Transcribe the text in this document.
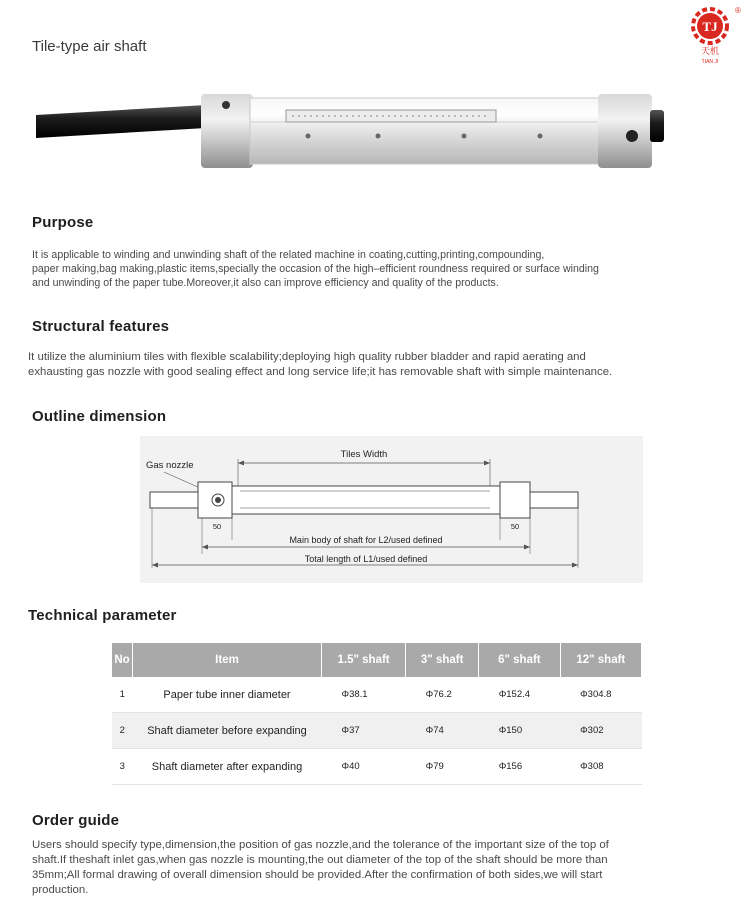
Tile-type air shaft
TJ
®
天机
TIAN JI
Purpose
It is applicable to winding and unwinding shaft of the related machine in coating,cutting,printing,compounding,
paper making,bag making,plastic items,specially the occasion of the high–efficient roundness required or surface winding
and unwinding of the paper tube.Moreover,it also can improve efficiency and quality of the products.
Structural features
It utilize the aluminium tiles with flexible scalability;deploying high quality rubber bladder and rapid aerating and
exhausting gas nozzle with good sealing effect and long service life;it has removable shaft with simple maintenance.
Outline dimension
Tiles Width
Gas nozzle
50	50
Main body of shaft for L2/used defined
Total length of L1/used defined
Technical parameter
No	Item	1.5" shaft	3" shaft	6" shaft	12" shaft
1	Paper tube inner diameter	Φ38.1	Φ76.2	Φ152.4	Φ304.8
2	Shaft diameter before expanding	Φ37	Φ74	Φ150	Φ302
3	Shaft diameter after expanding	Φ40	Φ79	Φ156	Φ308
Order guide
Users should specify type,dimension,the position of gas nozzle,and the tolerance of the important size of the top of
shaft.If theshaft inlet gas,when gas nozzle is mounting,the out diameter of the top of the shaft should be more than
35mm;All formal drawing of overall dimension should be provided.After the confirmation of both sides,we will start
production.
